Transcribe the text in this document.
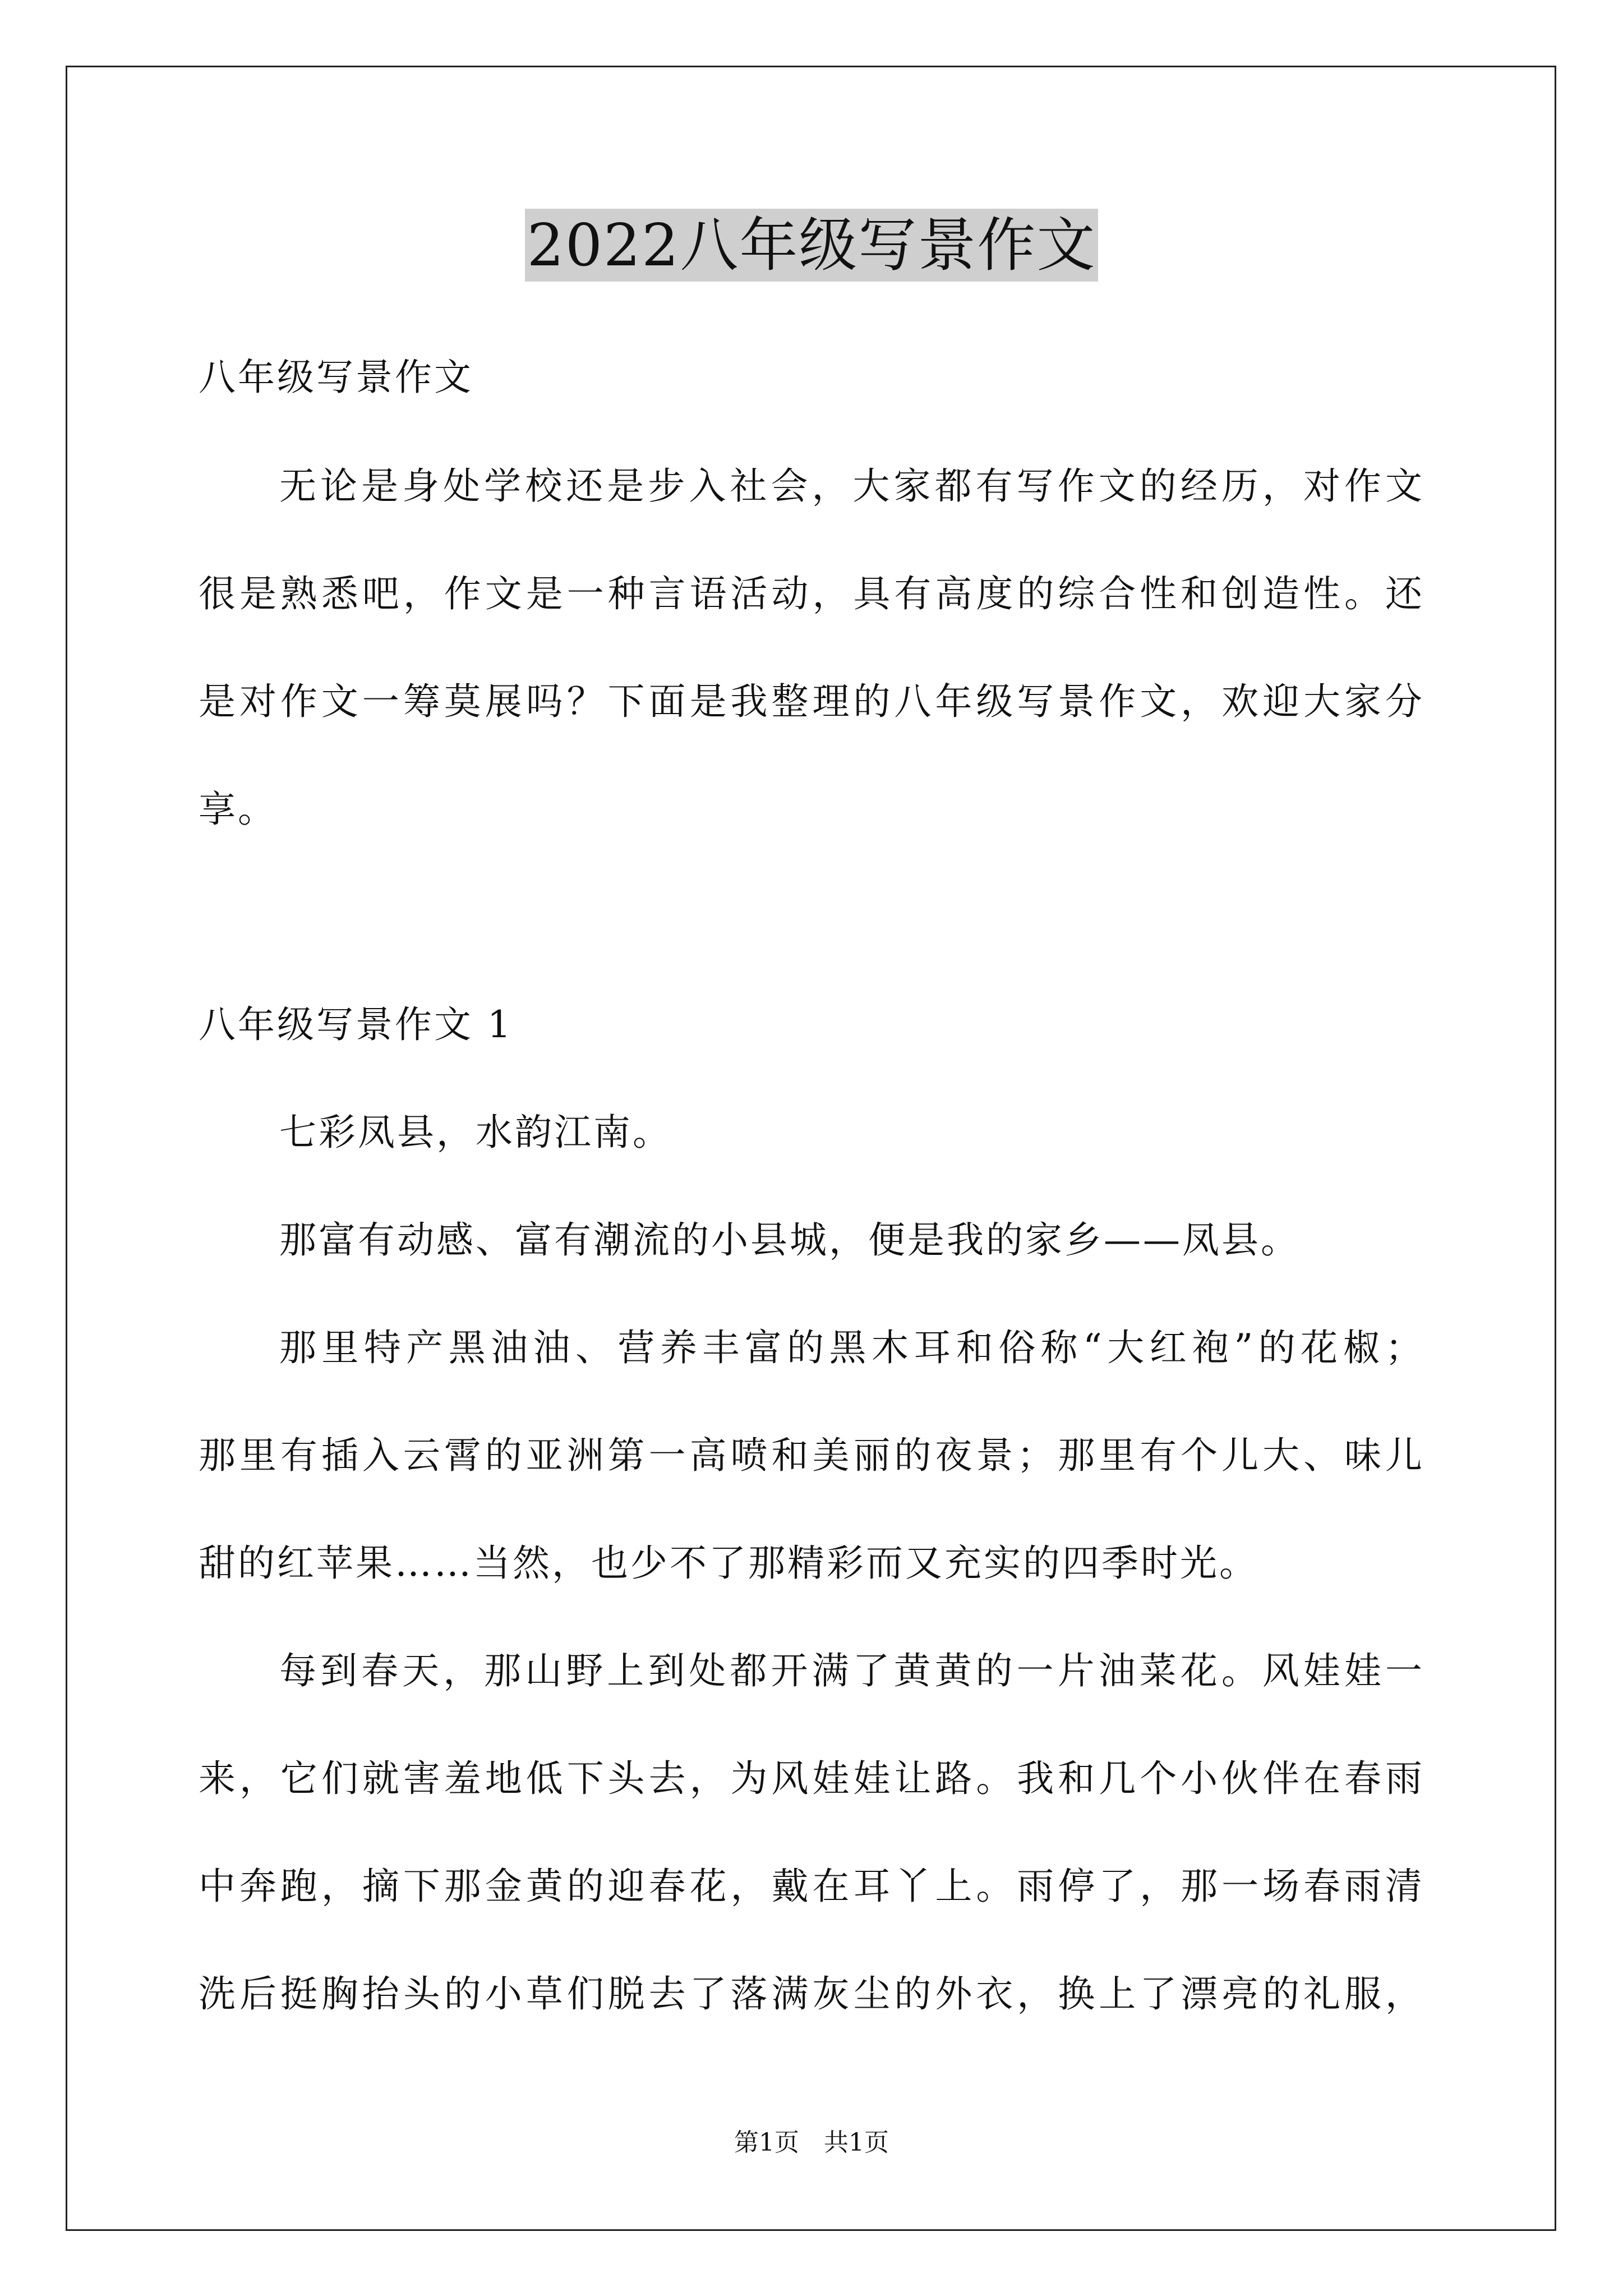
2022八年级写景作文
八年级写景作文
无论是身处学校还是步入社会，大家都有写作文的经历，对作文
很是熟悉吧，作文是一种言语活动，具有高度的综合性和创造性。还
是对作文一筹莫展吗？下面是我整理的八年级写景作文，欢迎大家分
享。
八年级写景作文 1
七彩凤县，水韵江南。
那富有动感、富有潮流的小县城，便是我的家乡——凤县。
那里特产黑油油、营养丰富的黑木耳和俗称“大红袍”的花椒；
那里有插入云霄的亚洲第一高喷和美丽的夜景；那里有个儿大、味儿
甜的红苹果……当然，也少不了那精彩而又充实的四季时光。
每到春天，那山野上到处都开满了黄黄的一片油菜花。风娃娃一
来，它们就害羞地低下头去，为风娃娃让路。我和几个小伙伴在春雨
中奔跑，摘下那金黄的迎春花，戴在耳丫上。雨停了，那一场春雨清
洗后挺胸抬头的小草们脱去了落满灰尘的外衣，换上了漂亮的礼服，
第1页　共1页
